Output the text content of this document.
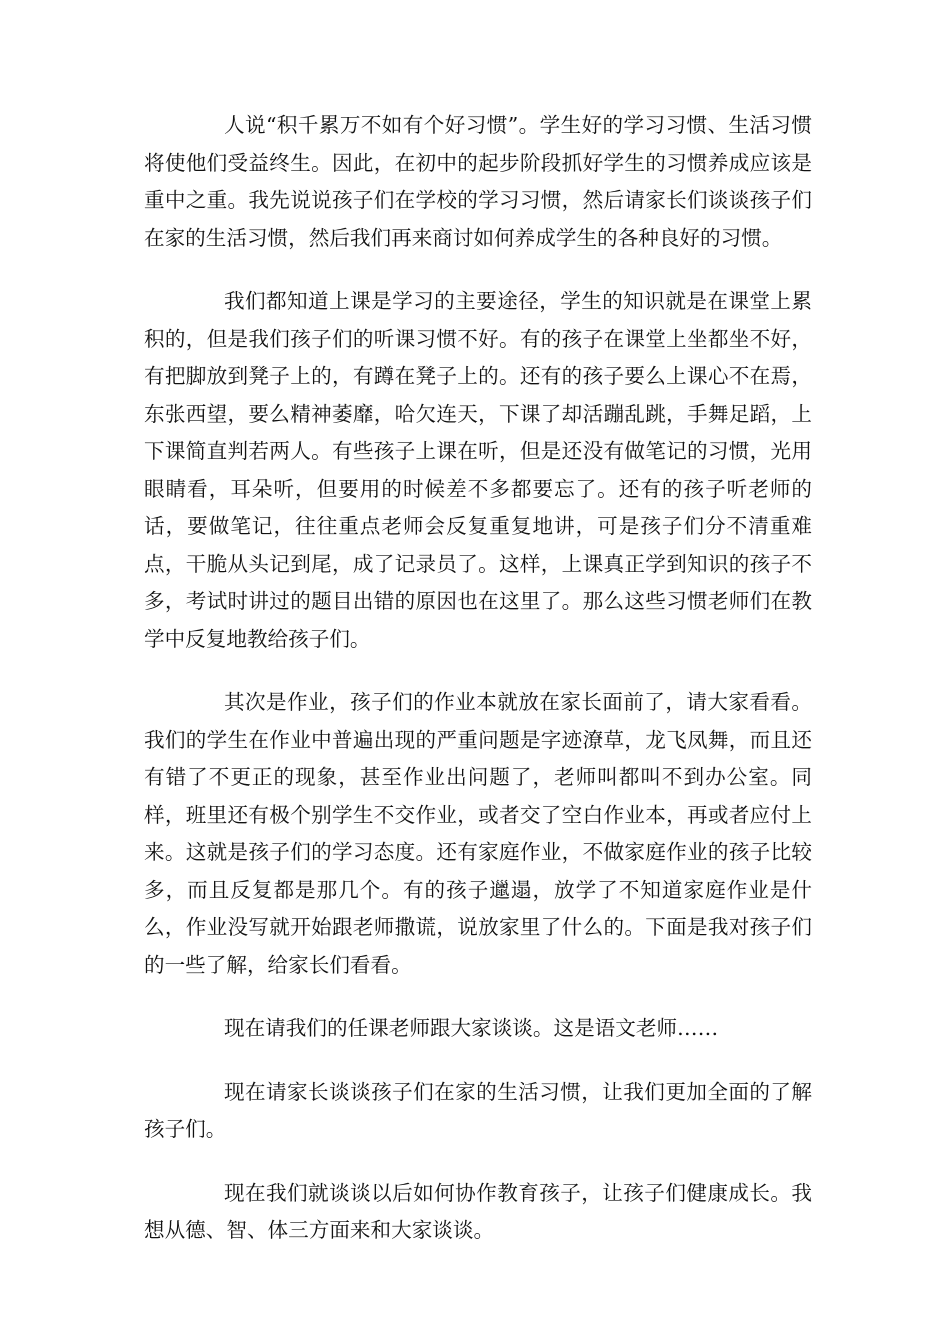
人说“积千累万不如有个好习惯”。学生好的学习习惯、生活习惯将使他们受益终生。因此，在初中的起步阶段抓好学生的习惯养成应该是重中之重。我先说说孩子们在学校的学习习惯，然后请家长们谈谈孩子们在家的生活习惯，然后我们再来商讨如何养成学生的各种良好的习惯。

我们都知道上课是学习的主要途径，学生的知识就是在课堂上累积的，但是我们孩子们的听课习惯不好。有的孩子在课堂上坐都坐不好，有把脚放到凳子上的，有蹲在凳子上的。还有的孩子要么上课心不在焉，东张西望，要么精神萎靡，哈欠连天，下课了却活蹦乱跳，手舞足蹈，上下课简直判若两人。有些孩子上课在听，但是还没有做笔记的习惯，光用眼睛看，耳朵听，但要用的时候差不多都要忘了。还有的孩子听老师的话，要做笔记，往往重点老师会反复重复地讲，可是孩子们分不清重难点，干脆从头记到尾，成了记录员了。这样，上课真正学到知识的孩子不多，考试时讲过的题目出错的原因也在这里了。那么这些习惯老师们在教学中反复地教给孩子们。

其次是作业，孩子们的作业本就放在家长面前了，请大家看看。我们的学生在作业中普遍出现的严重问题是字迹潦草，龙飞凤舞，而且还有错了不更正的现象，甚至作业出问题了，老师叫都叫不到办公室。同样，班里还有极个别学生不交作业，或者交了空白作业本，再或者应付上来。这就是孩子们的学习态度。还有家庭作业，不做家庭作业的孩子比较多，而且反复都是那几个。有的孩子邋遢，放学了不知道家庭作业是什么，作业没写就开始跟老师撒谎，说放家里了什么的。下面是我对孩子们的一些了解，给家长们看看。

现在请我们的任课老师跟大家谈谈。这是语文老师……

现在请家长谈谈孩子们在家的生活习惯，让我们更加全面的了解孩子们。

现在我们就谈谈以后如何协作教育孩子，让孩子们健康成长。我想从德、智、体三方面来和大家谈谈。
